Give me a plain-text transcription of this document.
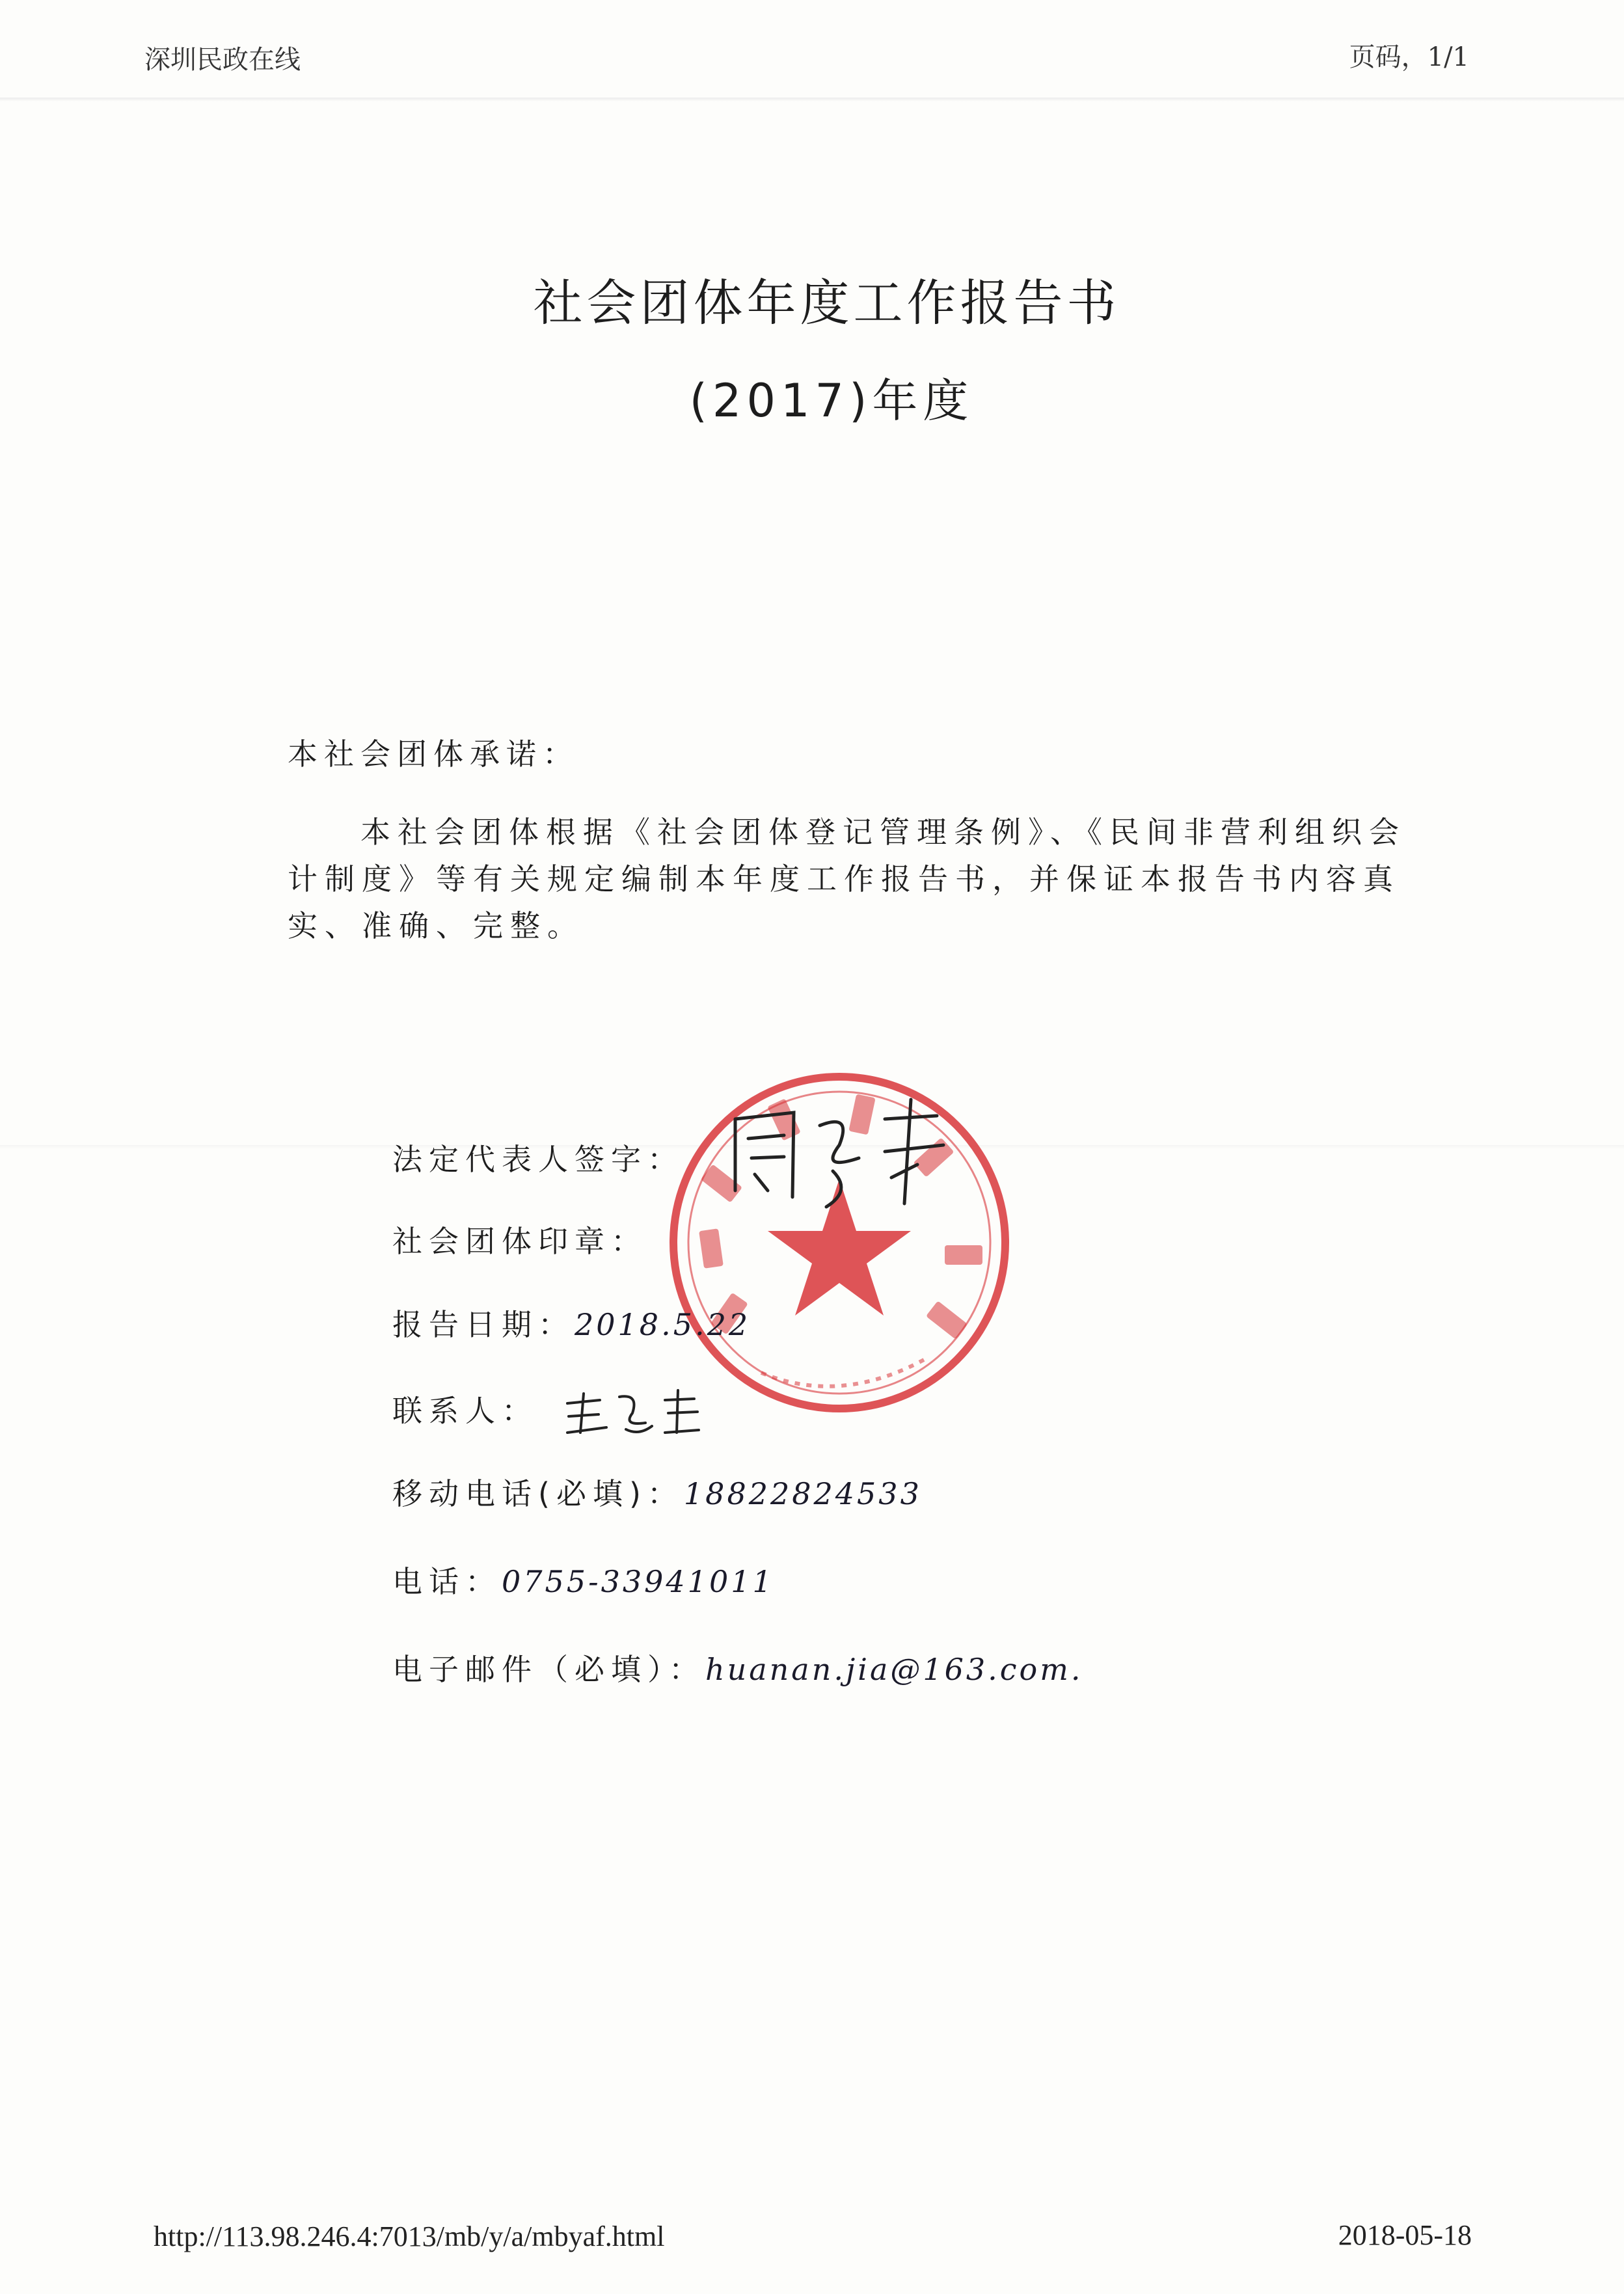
深圳民政在线	页码，1/1
社会团体年度工作报告书
(2017)年度
本社会团体承诺：
本社会团体根据《社会团体登记管理条例》、《民间非营利组织会计制度》等有关规定编制本年度工作报告书，并保证本报告书内容真实、准确、完整。
法定代表人签字：
社会团体印章：
报告日期：2018.5.22
联系人：
移动电话(必填)：18822824533
电话：0755-33941011
电子邮件（必填）：huanan.jia@163.com.
http://113.98.246.4:7013/mb/y/a/mbyaf.html	2018-05-18
